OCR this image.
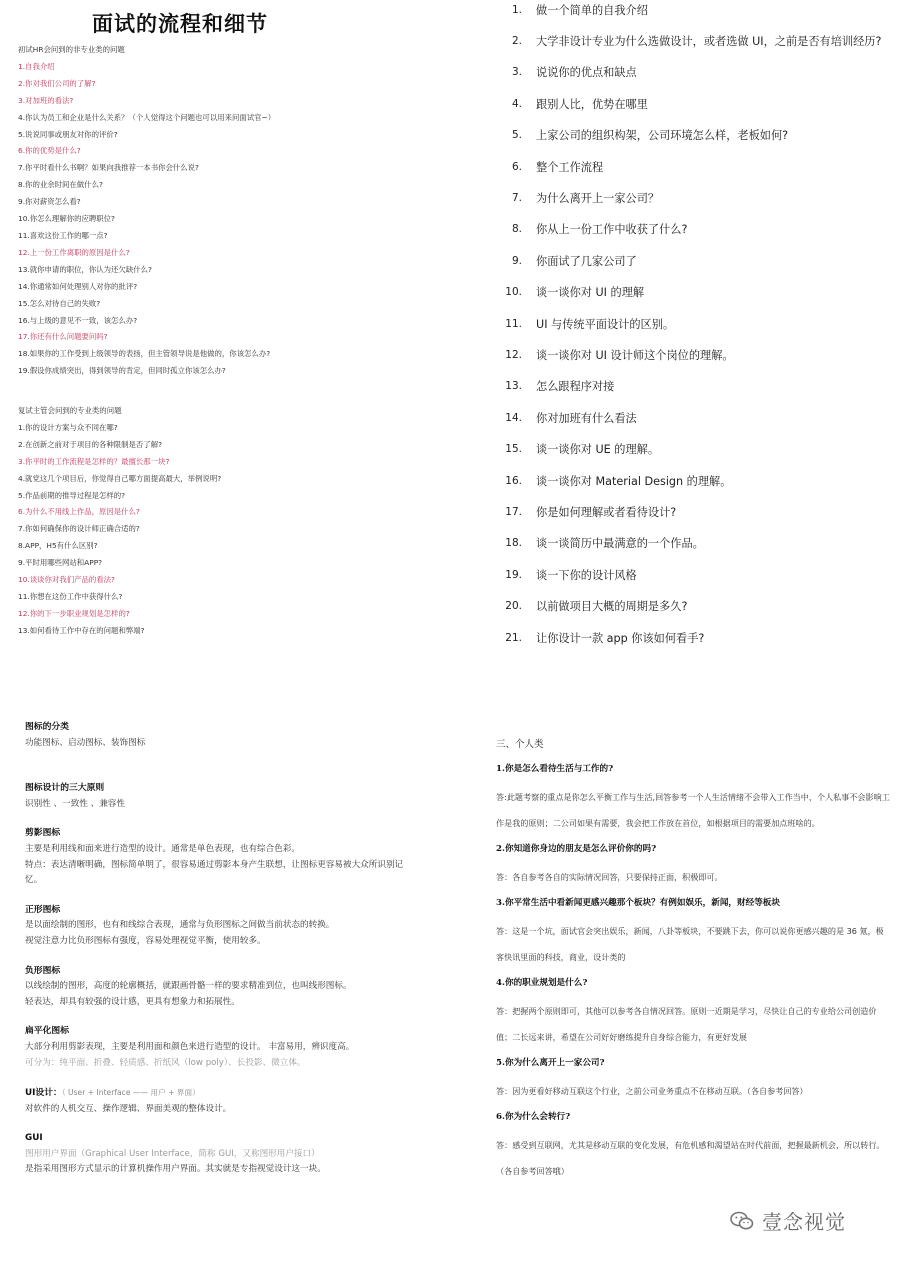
面试的流程和细节
初试HR会问到的非专业类的问题
1.自我介绍
2.你对我们公司的了解?
3.对加班的看法?
4.你认为员工和企业是什么关系？（个人觉得这个问题也可以用来问面试官~）
5.说说同事或朋友对你的评价?
6.你的优势是什么?
7.你平时看什么书啊？如果向我推荐一本书你会什么说?
8.你的业余时间在做什么?
9.你对薪资怎么看?
10.你怎么理解你的应聘职位?
11.喜欢这份工作的哪一点?
12.上一份工作离职的原因是什么?
13.就你申请的职位，你认为还欠缺什么?
14.你通常如何处理别人对你的批评?
15.怎么对待自己的失败?
16.与上级的意见不一致，该怎么办?
17.你还有什么问题要问吗?
18.如果你的工作受到上级领导的表扬，但主管领导说是他做的，你该怎么办?
19.假设你成绩突出，得到领导的肯定，但同时孤立你该怎么办?
复试主管会问到的专业类的问题
1.你的设计方案与众不同在哪?
2.在创新之前对于项目的各种限制是否了解?
3.你平时的工作流程是怎样的？最擅长那一块?
4.就党这几个项目后，你觉得自己哪方面提高最大，举例说明?
5.作品前期的推导过程是怎样的?
6.为什么不用线上作品，原因是什么?
7.你如何确保你的设计师正确合适的?
8.APP，H5有什么区别?
9.平时用哪些网站和APP?
10.谈谈你对我们产品的看法?
11.你想在这份工作中获得什么?
12.你的下一步职业规划是怎样的?
13.如何看待工作中存在的问题和弊端?
1. 做一个简单的自我介绍
2. 大学非设计专业为什么选做设计，或者选做 UI，之前是否有培训经历?
3. 说说你的优点和缺点
4. 跟别人比，优势在哪里
5. 上家公司的组织构架，公司环境怎么样，老板如何?
6. 整个工作流程
7. 为什么离开上一家公司？
8. 你从上一份工作中收获了什么?
9. 你面试了几家公司了
10. 谈一谈你对 UI 的理解
11. UI 与传统平面设计的区别。
12. 谈一谈你对 UI 设计师这个岗位的理解。
13. 怎么跟程序对接
14. 你对加班有什么看法
15. 谈一谈你对 UE 的理解。
16. 谈一谈你对 Material Design 的理解。
17. 你是如何理解或者看待设计?
18. 谈一谈简历中最满意的一个作品。
19. 谈一下你的设计风格
20. 以前做项目大概的周期是多久?
21. 让你设计一款 app 你该如何看手?
图标的分类
功能图标、启动图标、装饰图标
图标设计的三大原则
识别性 、一致性 、兼容性
剪影图标
主要是利用线和面来进行造型的设计。通常是单色表现，也有综合色彩。
特点：表达清晰明确，图标简单明了，很容易通过剪影本身产生联想，让图标更容易被大众所识别记
忆。
正形图标
是以面绘制的图形，也有和线综合表现，通常与负形图标之间做当前状态的转换。
视觉注意力比负形图标有强度，容易处理视觉平衡，使用较多。
负形图标
以线绘制的图形，高度的轮廓概括，就跟画骨骼一样的要求精准到位，也叫线形图标。
轻表达，却具有较强的设计感，更具有想象力和拓展性。
扁平化图标
大部分利用剪影表现，主要是利用面和颜色来进行造型的设计。 丰富易用，辨识度高。
可分为：纯平面、折叠、轻质感、折纸风（low poly）、长投影、微立体。
UI设计：（ User + Interface —— 用户 + 界面）
对软件的人机交互、操作逻辑、界面美观的整体设计。
GUI
图形用户界面（Graphical User Interface，简称 GUI，又称图形用户接口）
是指采用图形方式显示的计算机操作用户界面。其实就是专指视觉设计这一块。
三、个人类
1.你是怎么看待生活与工作的?
答:此题考察的重点是你怎么平衡工作与生活,回答参考一个人生活情绪不会带入工作当中，个人私事不会影响工作是我的原则；二公司如果有需要，我会把工作放在首位，如根据项目的需要加点班啥的。
2.你知道你身边的朋友是怎么评价你的吗?
答：各自参考各自的实际情况回答，只要保持正面，积极即可。
3.你平常生活中看新闻更感兴趣那个板块？有例如娱乐，新闻，财经等板块
答：这是一个坑，面试官会突出娱乐，新闻，八卦等板块，不要跳下去，你可以说你更感兴趣的是 36 氪，极客快讯里面的科技，商业，设计类的
4.你的职业规划是什么?
答：把握两个原则即可，其他可以参考各自情况回答。原则一近期是学习，尽快让自己的专业给公司创造价值；二长远来讲，希望在公司好好磨练提升自身综合能力，有更好发展
5.你为什么离开上一家公司?
答：因为更看好移动互联这个行业，之前公司业务重点不在移动互联。（各自参考回答）
6.你为什么会转行?
答：感受到互联网，尤其是移动互联的变化发展，有危机感和渴望站在时代前面，把握最新机会，所以转行。（各自参考回答哦）
壹念视觉
